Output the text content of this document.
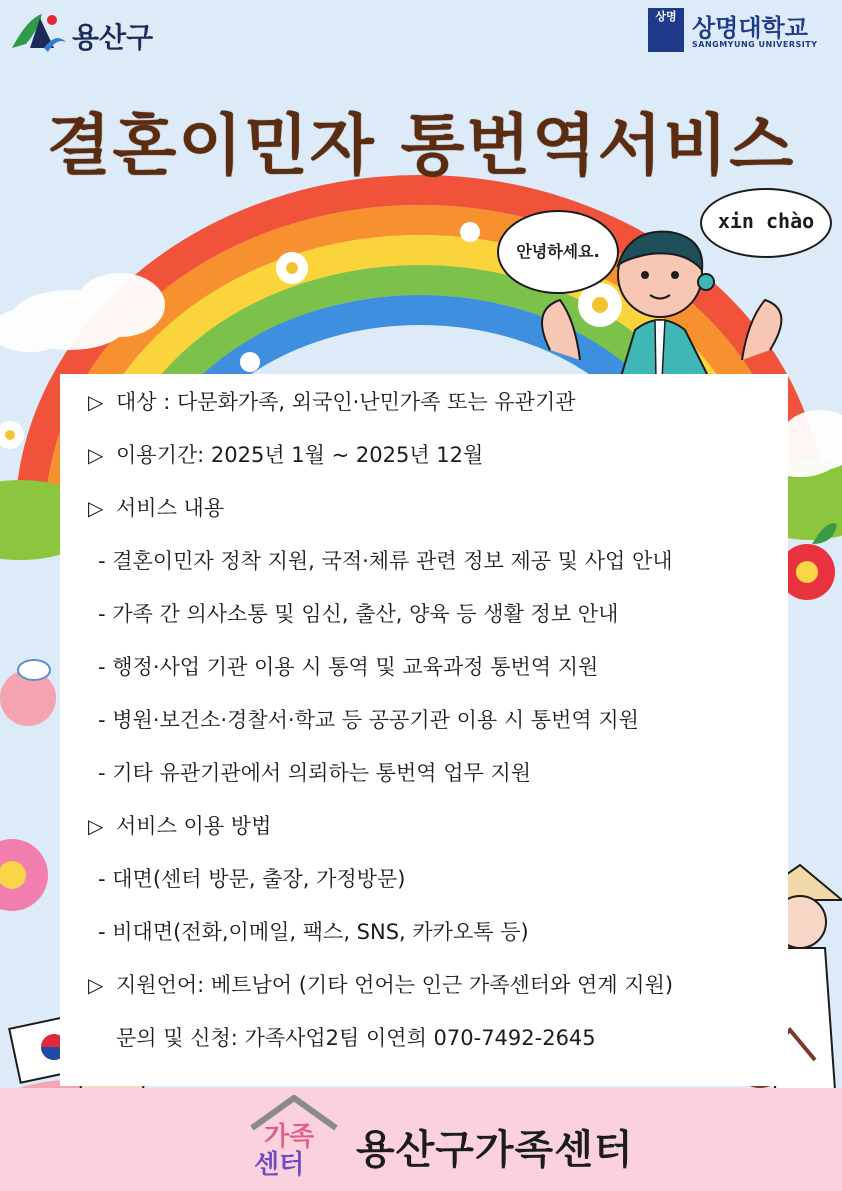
안녕하세요.
xin chào
용산구
상명 상명대학교
SANGMYUNG UNIVERSITY
결혼이민자 통번역서비스
▷ 대상 : 다문화가족, 외국인·난민가족 또는 유관기관
▷ 이용기간: 2025년 1월 ~ 2025년 12월
▷ 서비스 내용
- 결혼이민자 정착 지원, 국적·체류 관련 정보 제공 및 사업 안내
- 가족 간 의사소통 및 임신, 출산, 양육 등 생활 정보 안내
- 행정·사업 기관 이용 시 통역 및 교육과정 통번역 지원
- 병원·보건소·경찰서·학교 등 공공기관 이용 시 통번역 지원
- 기타 유관기관에서 의뢰하는 통번역 업무 지원
▷ 서비스 이용 방법
- 대면(센터 방문, 출장, 가정방문)
- 비대면(전화,이메일, 팩스, SNS, 카카오톡 등)
▷ 지원언어: 베트남어 (기타 언어는 인근 가족센터와 연계 지원)
문의 및 신청: 가족사업2팀 이연희 070-7492-2645
가족
센터 용산구가족센터
